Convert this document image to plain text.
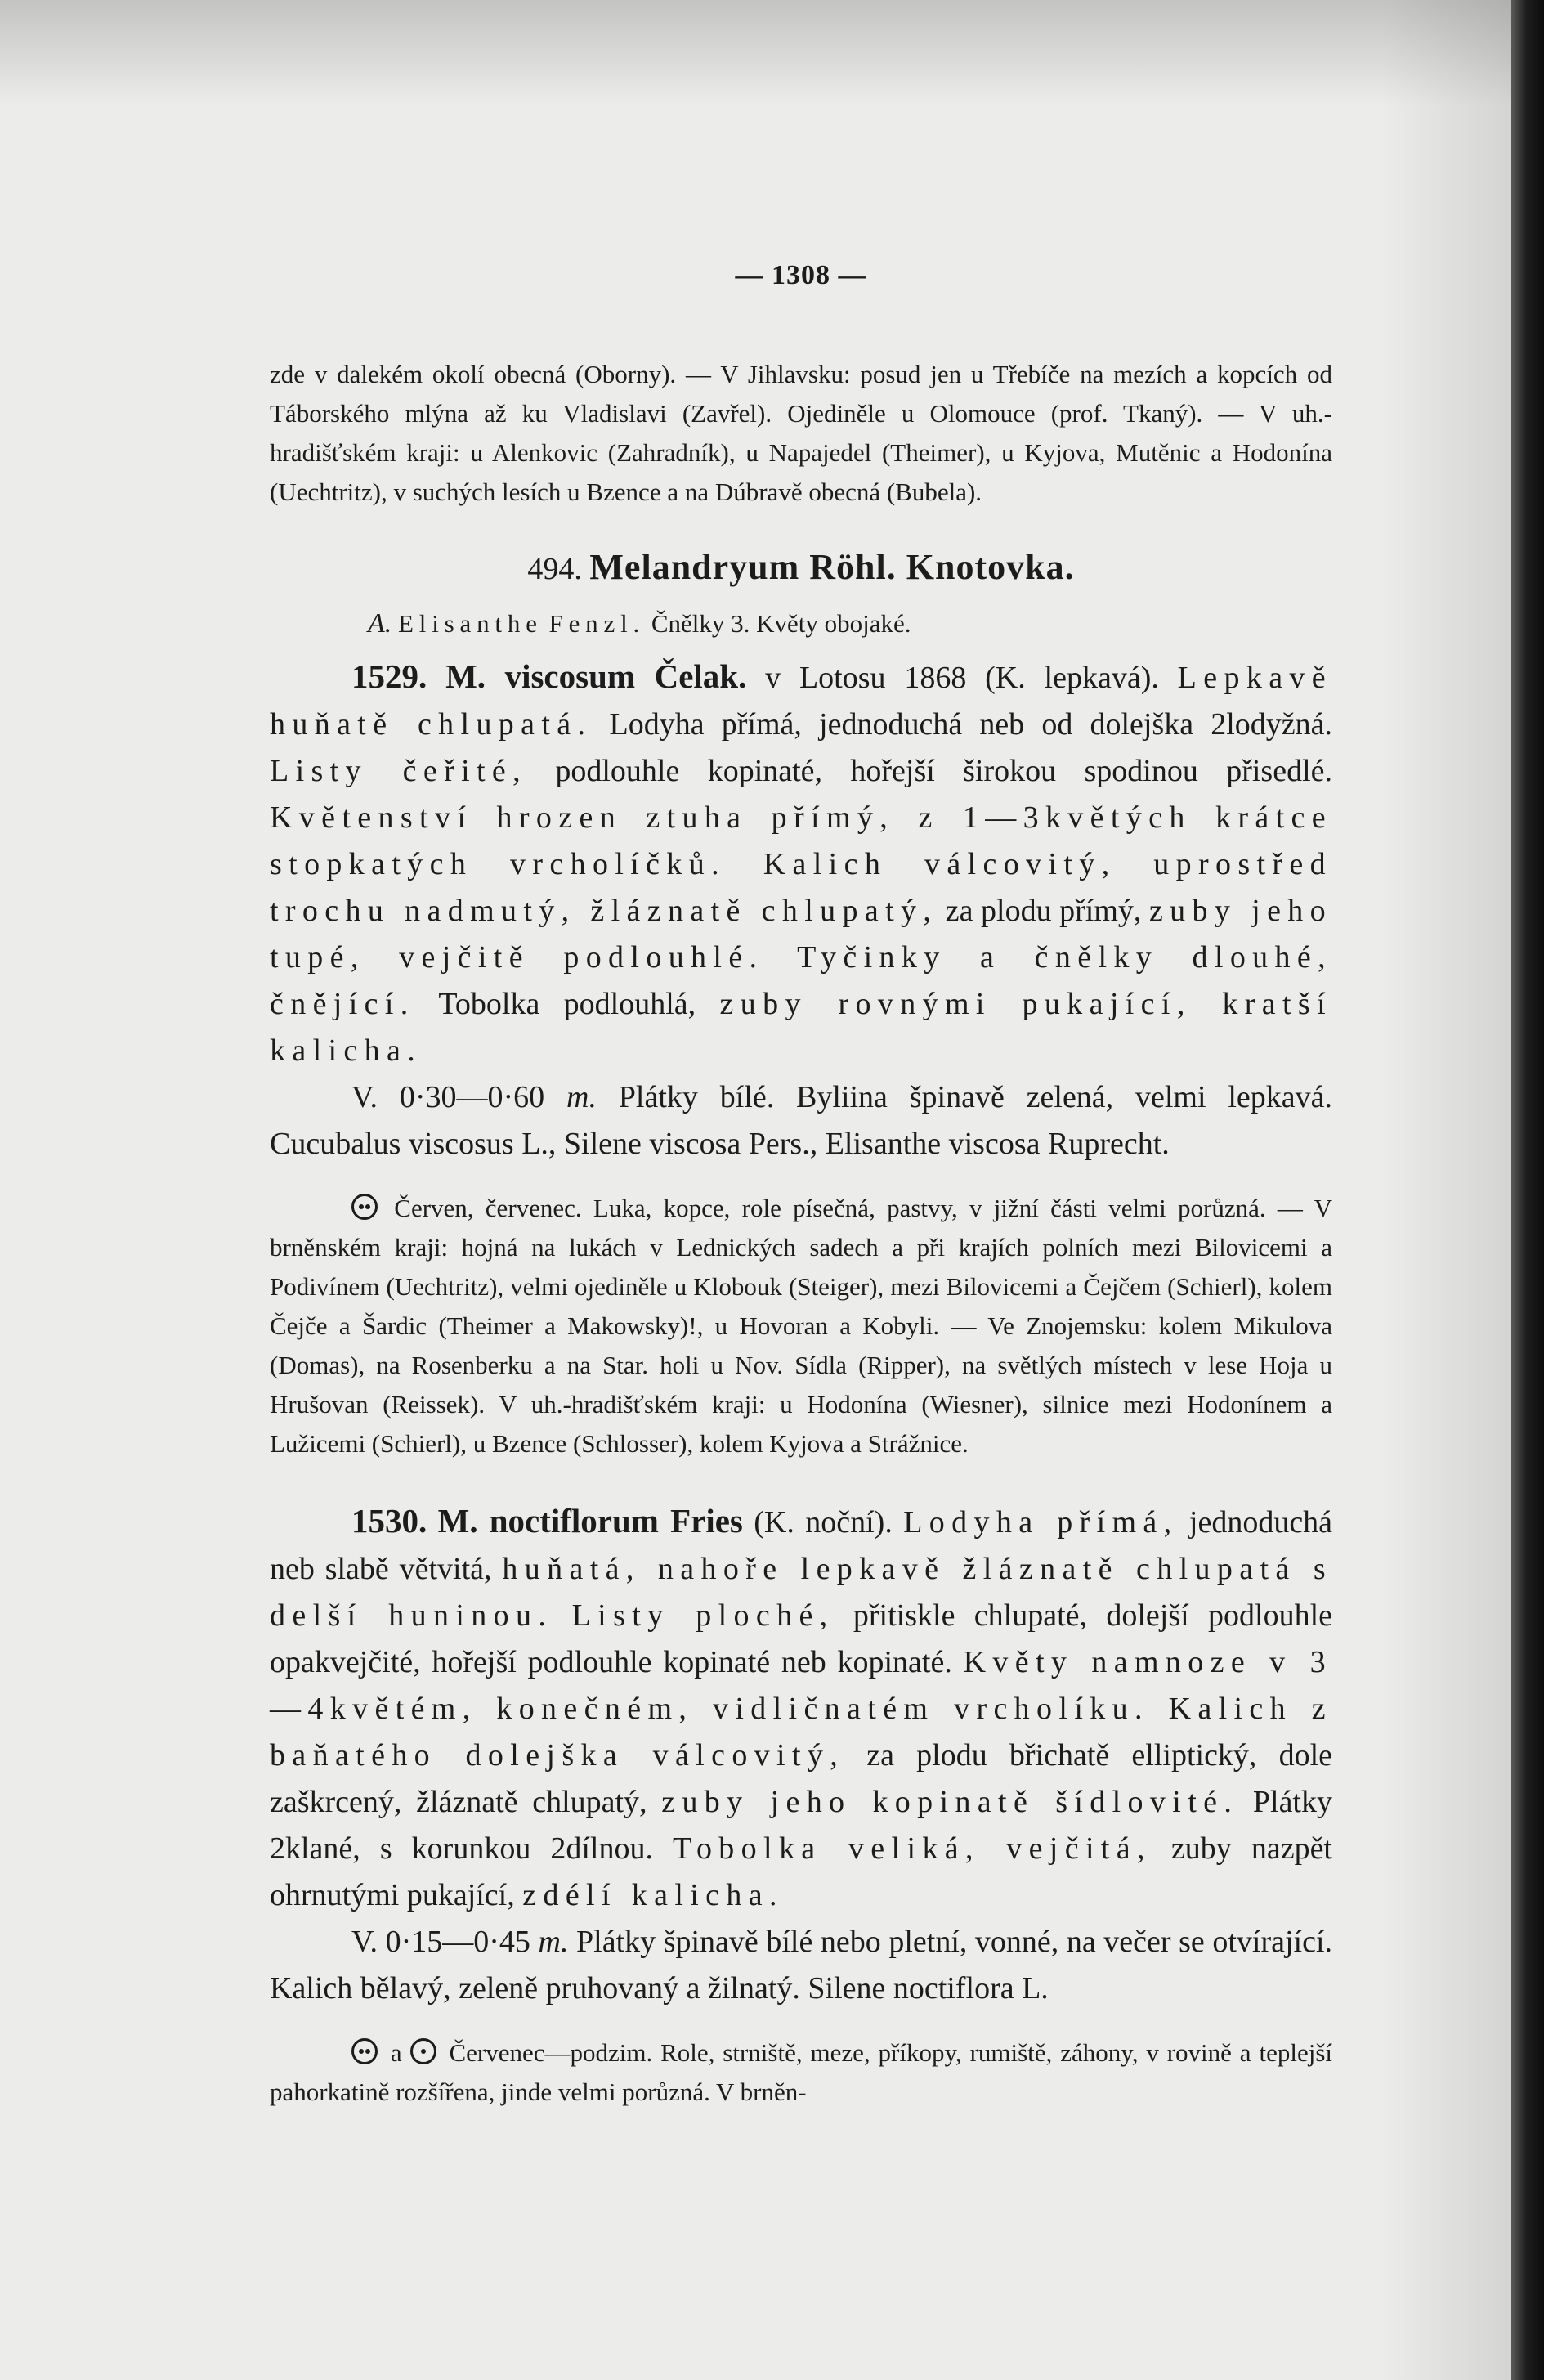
— 1308 —

zde v dalekém okolí obecná (Oborny). — V Jihlavsku: posud jen u Třebíče na mezích a kopcích od Táborského mlýna až ku Vladislavi (Zavřel). Ojediněle u Olomouce (prof. Tkaný). — V uh.-hradišťském kraji: u Alenkovic (Zahradník), u Napajedel (Theimer), u Kyjova, Mutěnic a Hodonína (Uechtritz), v suchých lesích u Bzence a na Dúbravě obecná (Bubela).

494. Melandryum Röhl. Knotovka.
A. Elisanthe Fenzl. Čnělky 3. Květy obojaké.

1529. M. viscosum Čelak. v Lotosu 1868 (K. lepkavá). Lepkavě huňatě chlupatá. Lodyha přímá, jednoduchá neb od dolejška 2lodyžná. Listy čeřité, podlouhle kopinaté, hořejší širokou spodinou přisedlé. Květenství hrozen ztuha přímý, z 1—3květých krátce stopkatých vrcholíčků. Kalich válcovitý, uprostřed trochu nadmutý, žláznatě chlupatý, za plodu přímý, zuby jeho tupé, vejčitě podlouhlé. Tyčinky a čnělky dlouhé, čnějící. Tobolka podlouhlá, zuby rovnými pukající, kratší kalicha.

V. 0·30—0·60 m. Plátky bílé. Byliina špinavě zelená, velmi lepkavá. Cucubalus viscosus L., Silene viscosa Pers., Elisanthe viscosa Ruprecht.

Červen, červenec. Luka, kopce, role písečná, pastvy, v jižní části velmi porůzná. — V brněnském kraji: hojná na lukách v Lednických sadech a při krajích polních mezi Bilovicemi a Podivínem (Uechtritz), velmi ojediněle u Klobouk (Steiger), mezi Bilovicemi a Čejčem (Schierl), kolem Čejče a Šardic (Theimer a Makowsky)!, u Hovoran a Kobyli. — Ve Znojemsku: kolem Mikulova (Domas), na Rosenberku a na Star. holi u Nov. Sídla (Ripper), na světlých místech v lese Hoja u Hrušovan (Reissek). V uh.-hradišťském kraji: u Hodonína (Wiesner), silnice mezi Hodonínem a Lužicemi (Schierl), u Bzence (Schlosser), kolem Kyjova a Strážnice.

1530. M. noctiflorum Fries (K. noční). Lodyha přímá, jednoduchá neb slabě větvitá, huňatá, nahoře lepkavě žláznatě chlupatá s delší huninou. Listy ploché, přitiskle chlupaté, dolejší podlouhle opakvejčité, hořejší podlouhle kopinaté neb kopinaté. Květy namnoze v 3—4květém, konečném, vidličnatém vrcholíku. Kalich z baňatého dolejška válcovitý, za plodu břichatě elliptický, dole zaškrcený, žláznatě chlupatý, zuby jeho kopinatě šídlovité. Plátky 2klané, s korunkou 2dílnou. Tobolka veliká, vejčitá, zuby nazpět ohrnutými pukající, zdélí kalicha.

V. 0·15—0·45 m. Plátky špinavě bílé nebo pletní, vonné, na večer se otvírající. Kalich bělavý, zeleně pruhovaný a žilnatý. Silene noctiflora L.

a Červenec—podzim. Role, strniště, meze, příkopy, rumiště, záhony, v rovině a teplejší pahorkatině rozšířena, jinde velmi porůzná. V brněn-
